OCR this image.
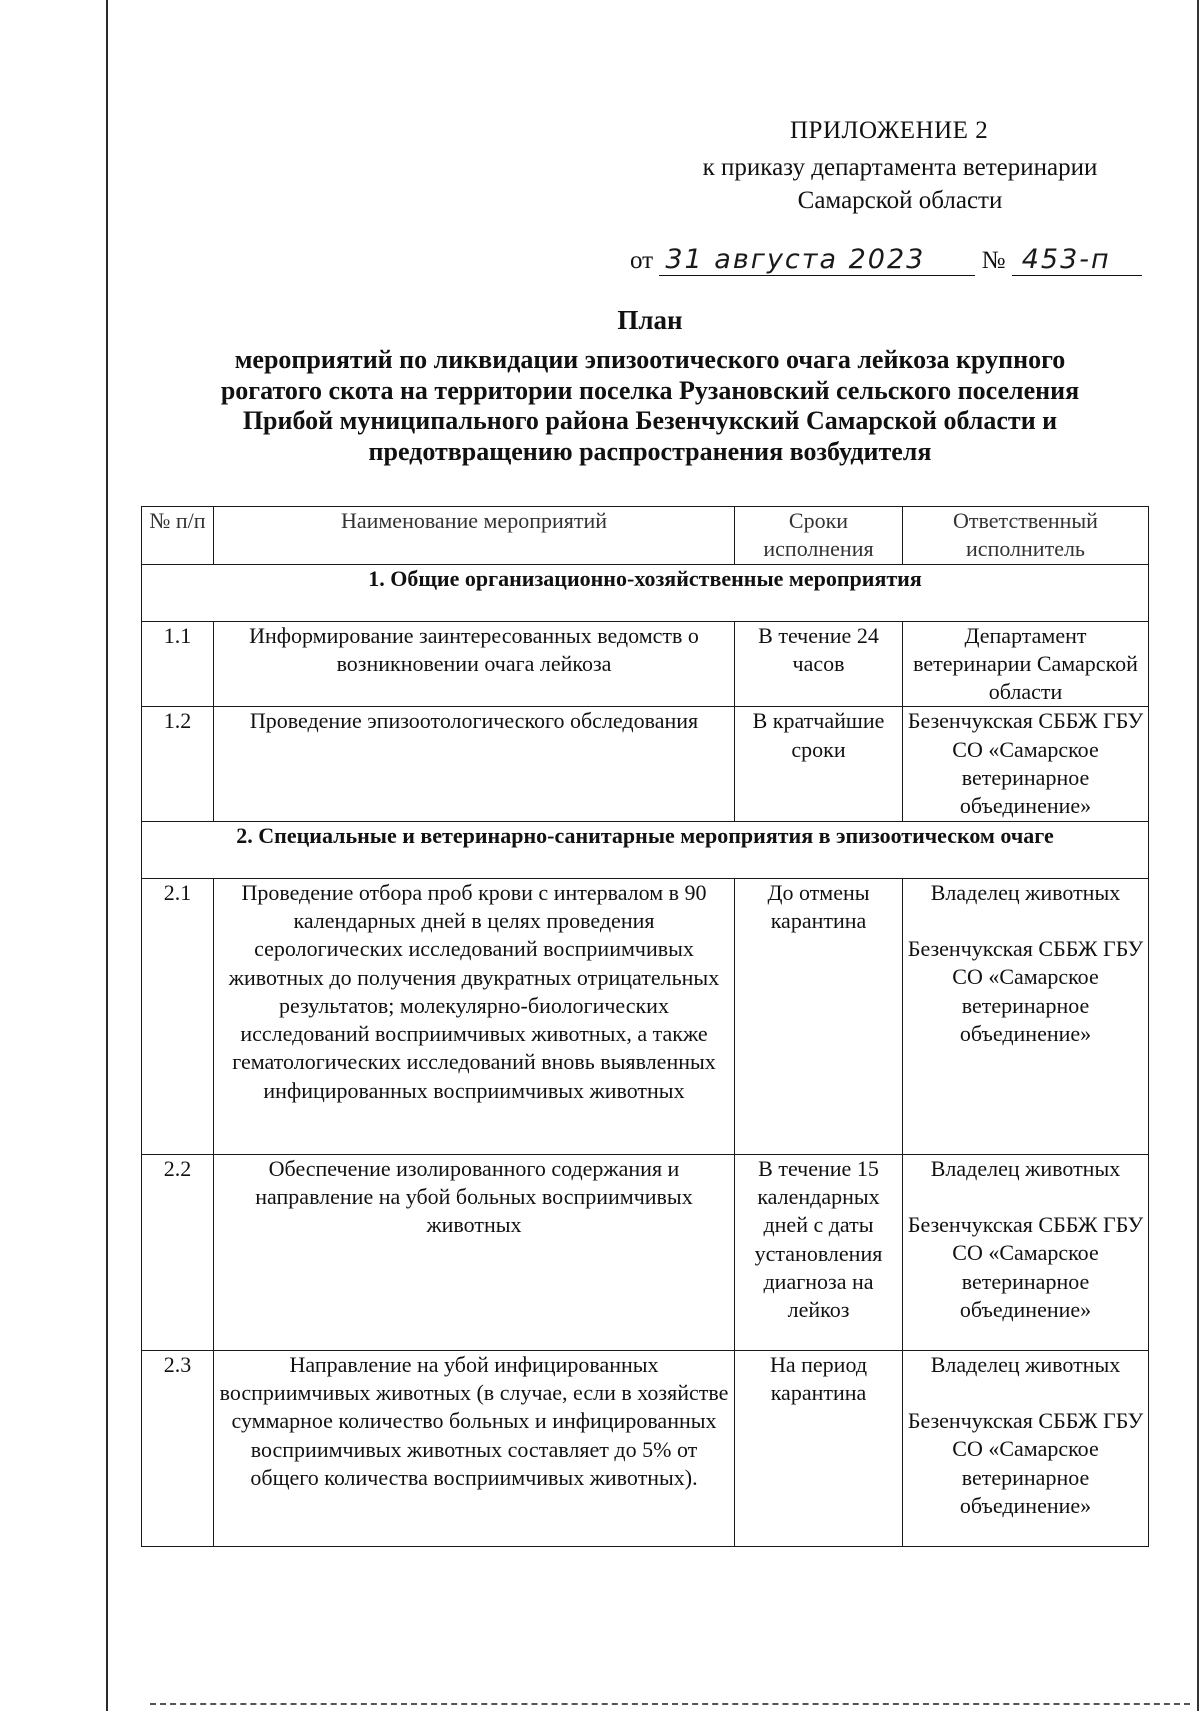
ПРИЛОЖЕНИЕ 2
к приказу департамента ветеринарии
Самарской области
от 31 августа 2023 № 453-п
План
мероприятий по ликвидации эпизоотического очага лейкоза крупного
рогатого скота на территории поселка Рузановский сельского поселения
Прибой муниципального района Безенчукский Самарской области и
предотвращению распространения возбудителя
№ п/п	Наименование мероприятий	Сроки исполнения	Ответственный исполнитель
1. Общие организационно-хозяйственные мероприятия			
1.1	Информирование заинтересованных ведомств о возникновении очага лейкоза	В течение 24 часов	Департамент ветеринарии Самарской области
1.2	Проведение эпизоотологического обследования	В кратчайшие сроки	Безенчукская СББЖ ГБУ СО «Самарское ветеринарное объединение»
2. Специальные и ветеринарно-санитарные мероприятия в эпизоотическом очаге			
2.1	Проведение отбора проб крови с интервалом в 90 календарных дней в целях проведения серологических исследований восприимчивых животных до получения двукратных отрицательных результатов; молекулярно-биологических исследований восприимчивых животных, а также гематологических исследований вновь выявленных инфицированных восприимчивых животных	До отмены карантина	Владелец животных
Безенчукская СББЖ ГБУ СО «Самарское ветеринарное объединение»

2.2	Обеспечение изолированного содержания и направление на убой больных восприимчивых животных	В течение 15 календарных дней с даты установления диагноза на лейкоз	Владелец животных
Безенчукская СББЖ ГБУ СО «Самарское ветеринарное объединение»

2.3	Направление на убой инфицированных восприимчивых животных (в случае, если в хозяйстве суммарное количество больных и инфицированных восприимчивых животных составляет до 5% от общего количества восприимчивых животных).	На период карантина	Владелец животных
Безенчукская СББЖ ГБУ СО «Самарское ветеринарное объединение»
